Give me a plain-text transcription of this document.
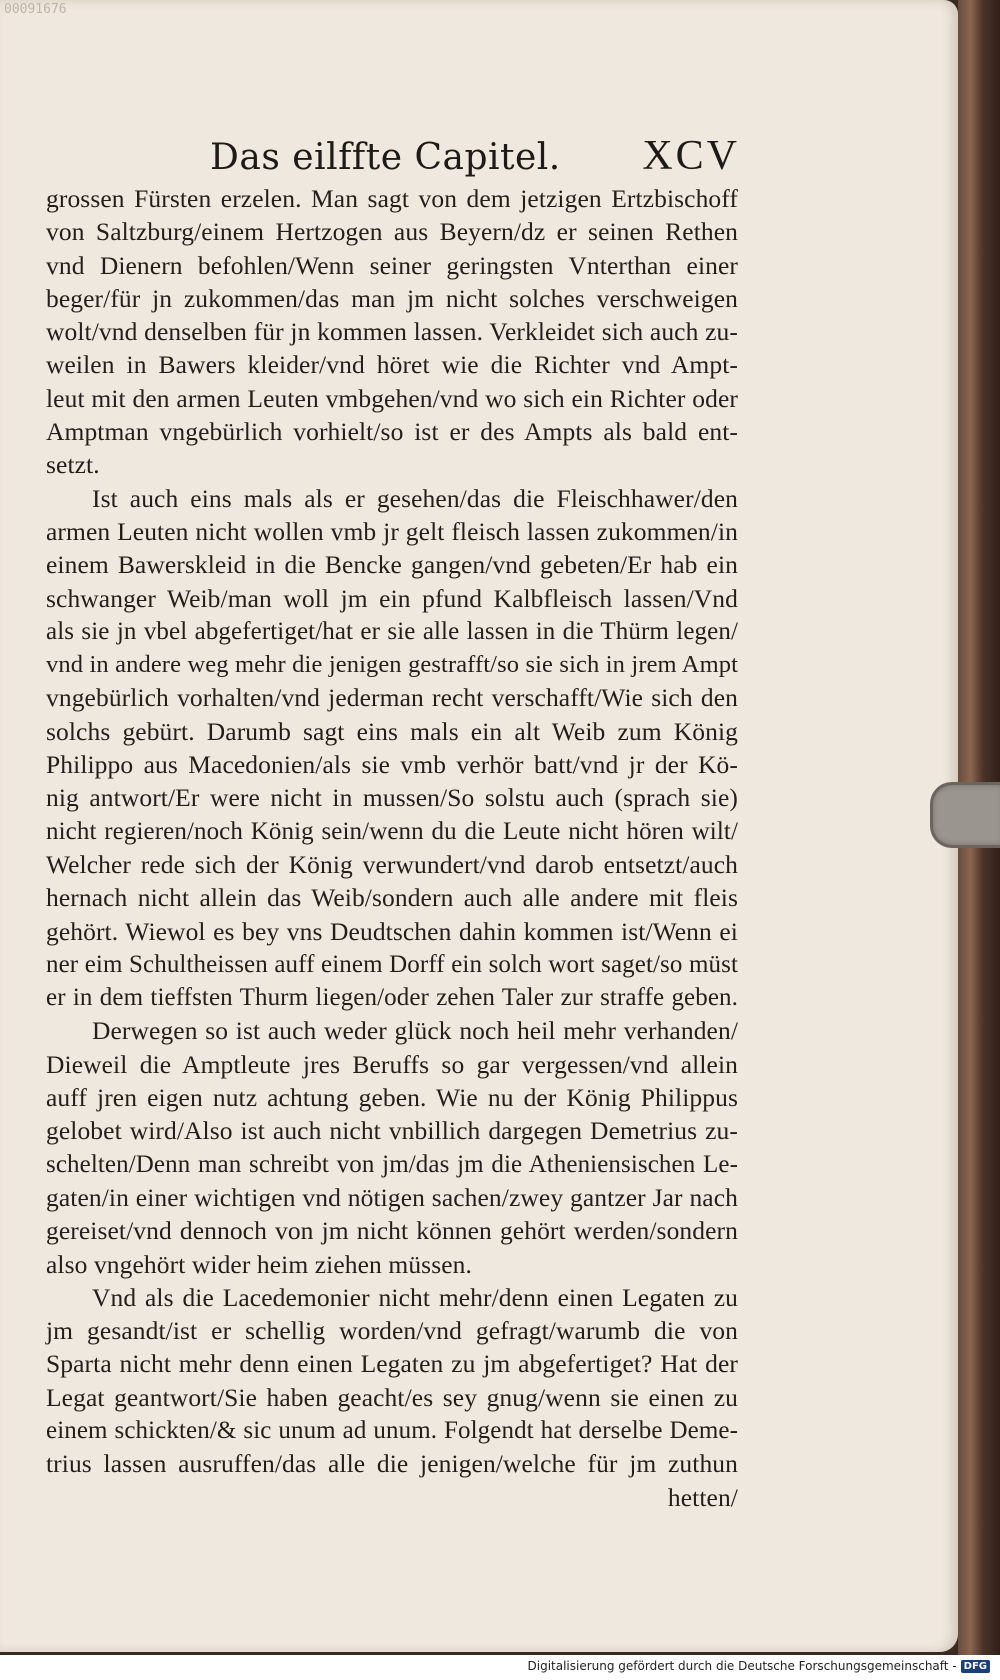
00091676
Das eilffte Capitel. XCV
grossen Fürsten erzelen. Man sagt von dem jetzigen Ertzbischoff
von Saltzburg/einem Hertzogen aus Beyern/dz er seinen Rethen
vnd Dienern befohlen/Wenn seiner geringsten Vnterthan einer
beger/für jn zukommen/das man jm nicht solches verschweigen
wolt/vnd denselben für jn kommen lassen. Verkleidet sich auch zu-
weilen in Bawers kleider/vnd höret wie die Richter vnd Ampt-
leut mit den armen Leuten vmbgehen/vnd wo sich ein Richter oder
Amptman vngebürlich vorhielt/so ist er des Ampts als bald ent-
setzt.
Ist auch eins mals als er gesehen/das die Fleischhawer/den
armen Leuten nicht wollen vmb jr gelt fleisch lassen zukommen/in
einem Bawerskleid in die Bencke gangen/vnd gebeten/Er hab ein
schwanger Weib/man woll jm ein pfund Kalbfleisch lassen/Vnd
als sie jn vbel abgefertiget/hat er sie alle lassen in die Thürm legen/
vnd in andere weg mehr die jenigen gestrafft/so sie sich in jrem Ampt
vngebürlich vorhalten/vnd jederman recht verschafft/Wie sich den
solchs gebürt. Darumb sagt eins mals ein alt Weib zum König
Philippo aus Macedonien/als sie vmb verhör batt/vnd jr der Kö-
nig antwort/Er were nicht in mussen/So solstu auch (sprach sie)
nicht regieren/noch König sein/wenn du die Leute nicht hören wilt/
Welcher rede sich der König verwundert/vnd darob entsetzt/auch
hernach nicht allein das Weib/sondern auch alle andere mit fleis
gehört. Wiewol es bey vns Deudtschen dahin kommen ist/Wenn ei
ner eim Schultheissen auff einem Dorff ein solch wort saget/so müst
er in dem tieffsten Thurm liegen/oder zehen Taler zur straffe geben.
Derwegen so ist auch weder glück noch heil mehr verhanden/
Dieweil die Amptleute jres Beruffs so gar vergessen/vnd allein
auff jren eigen nutz achtung geben. Wie nu der König Philippus
gelobet wird/Also ist auch nicht vnbillich dargegen Demetrius zu-
schelten/Denn man schreibt von jm/das jm die Atheniensischen Le-
gaten/in einer wichtigen vnd nötigen sachen/zwey gantzer Jar nach
gereiset/vnd dennoch von jm nicht können gehört werden/sondern
also vngehört wider heim ziehen müssen.
Vnd als die Lacedemonier nicht mehr/denn einen Legaten zu
jm gesandt/ist er schellig worden/vnd gefragt/warumb die von
Sparta nicht mehr denn einen Legaten zu jm abgefertiget? Hat der
Legat geantwort/Sie haben geacht/es sey gnug/wenn sie einen zu
einem schickten/& sic unum ad unum. Folgendt hat derselbe Deme-
trius lassen ausruffen/das alle die jenigen/welche für jm zuthun
hetten/
Digitalisierung gefördert durch die Deutsche Forschungsgemeinschaft - DFG
